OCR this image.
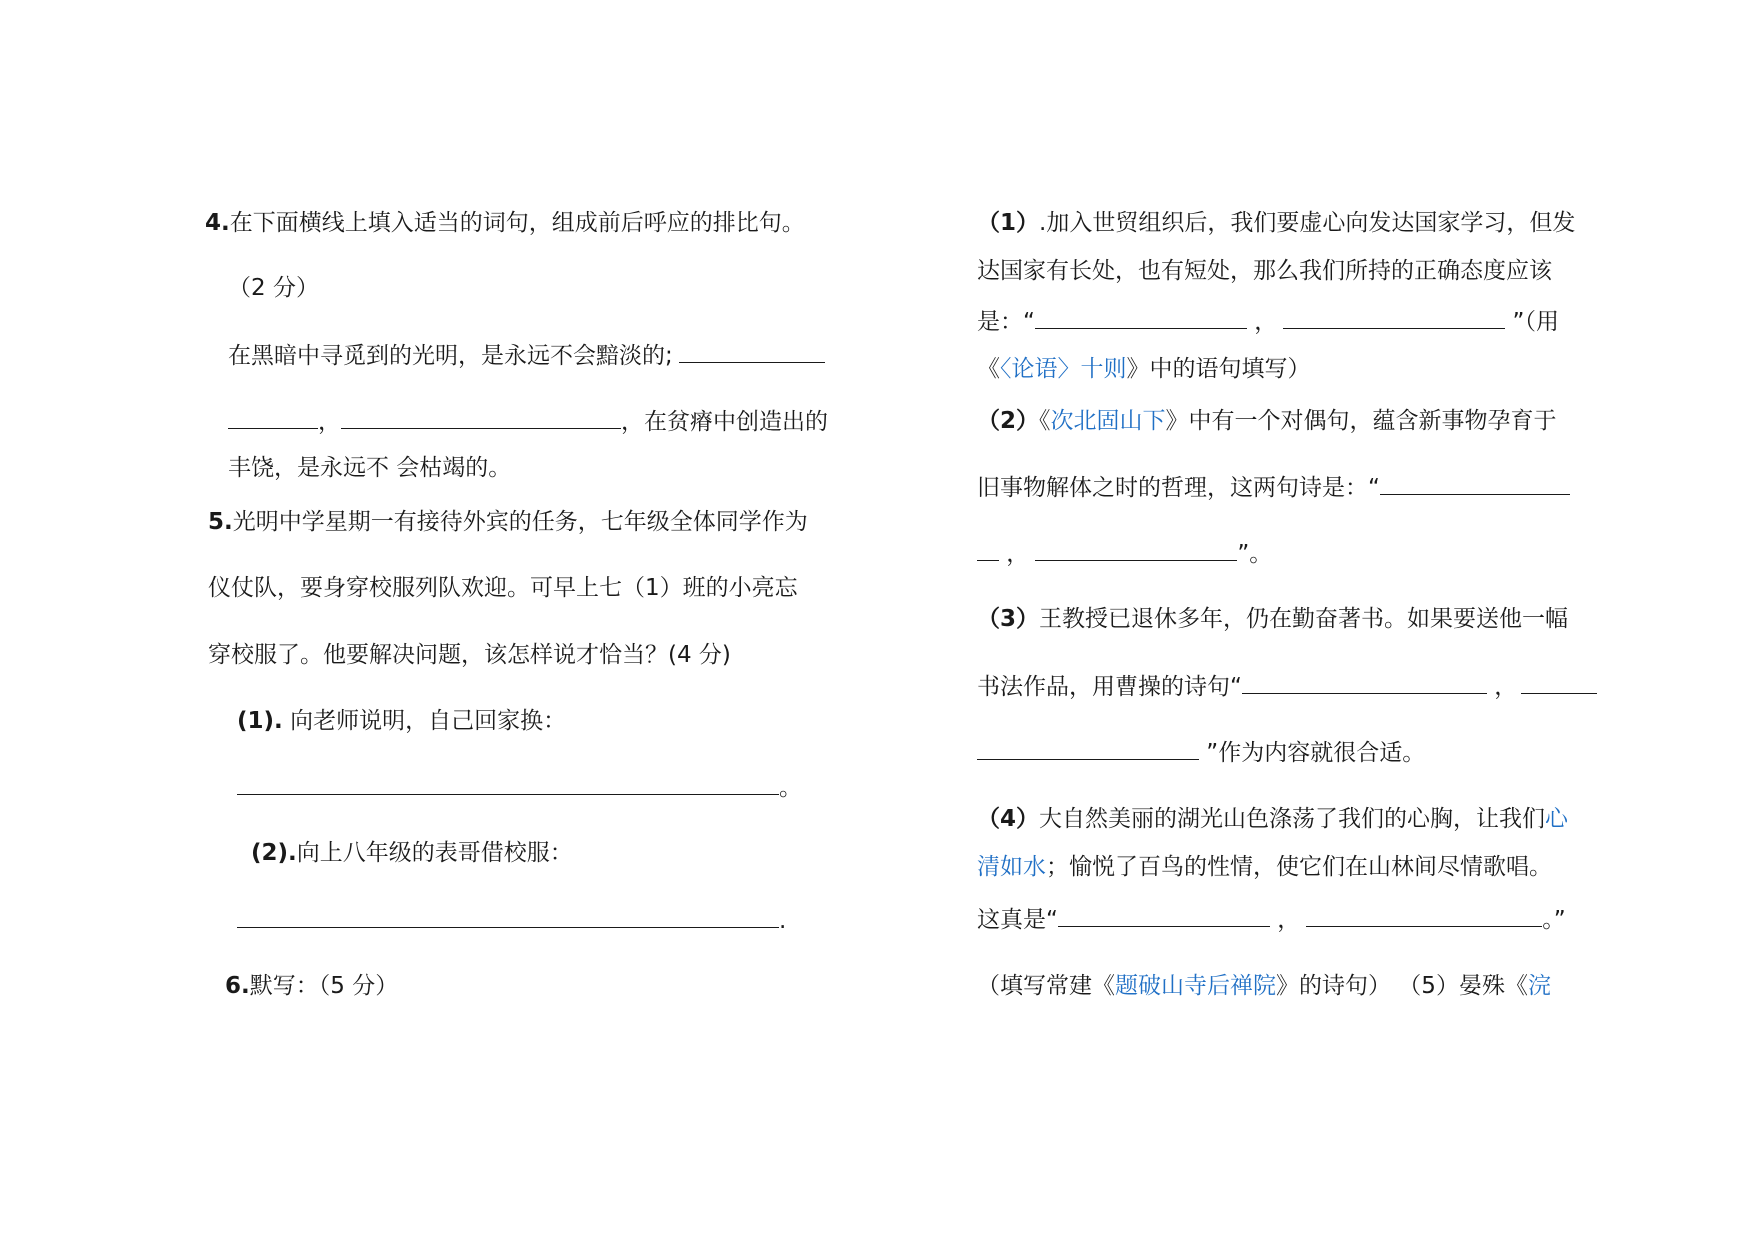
4.在下面横线上填入适当的词句，组成前后呼应的排比句。
（2 分）
在黑暗中寻觅到的光明，是永远不会黯淡的;
，	，在贫瘠中创造出的
丰饶，是永远不 会枯竭的。
5.光明中学星期一有接待外宾的任务，七年级全体同学作为
仪仗队，要身穿校服列队欢迎。可早上七（1）班的小亮忘
穿校服了。他要解决问题，该怎样说才恰当？(4 分)
(1). 向老师说明，自己回家换：
。
(2).向上八年级的表哥借校服：
.
6.默写：（5 分）
（1）.加入世贸组织后，我们要虚心向发达国家学习，但发
达国家有长处，也有短处，那么我们所持的正确态度应该
是：“	，	”（用
《〈论语〉十则》中的语句填写）
（2）《次北固山下》中有一个对偶句，蕴含新事物孕育于
旧事物解体之时的哲理，这两句诗是：“
，	”。
（3）王教授已退休多年，仍在勤奋著书。如果要送他一幅
书法作品，用曹操的诗句“	，
”作为内容就很合适。
（4）大自然美丽的湖光山色涤荡了我们的心胸，让我们心
清如水；愉悦了百鸟的性情，使它们在山林间尽情歌唱。
这真是“	，	。”
（填写常建《题破山寺后禅院》的诗句） （5）晏殊《浣
